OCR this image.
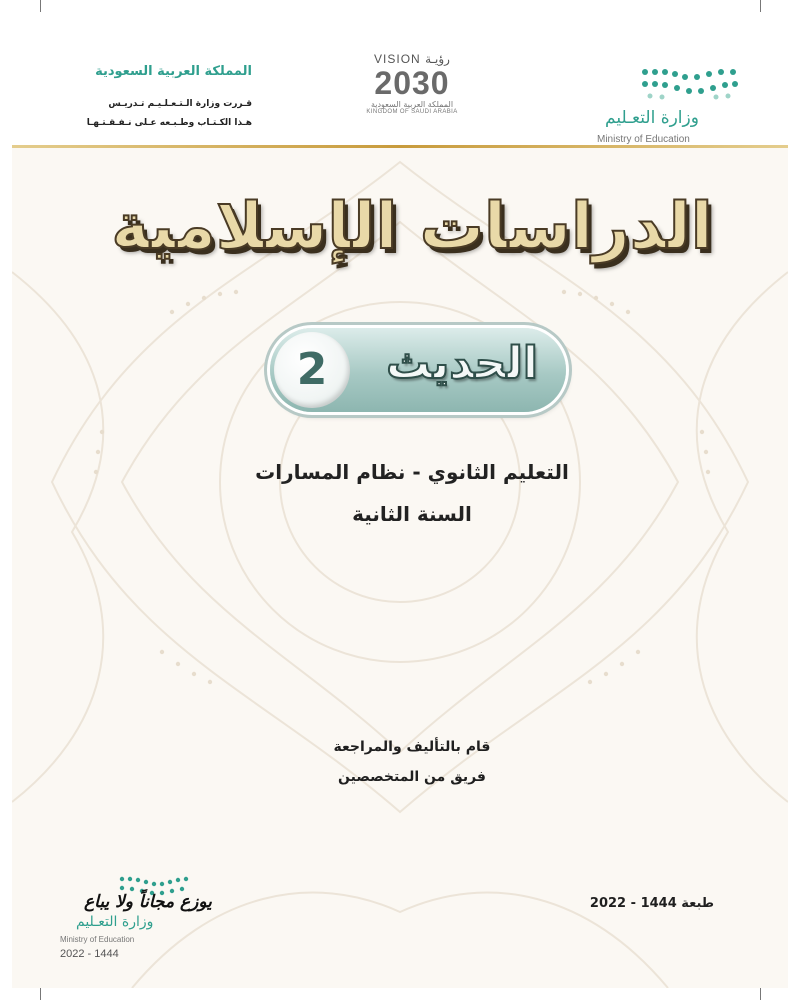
المملكة العربية السعودية
قـررت وزارة الـتـعـلـيـم تـدريـس
هـذا الكـتـاب وطـبـعه عـلى نـفـقـتـهـا
VISION رؤيـة
2030
المملكة العربية السعودية
KINGDOM OF SAUDI ARABIA	وزارة التعـليم
Ministry of Education
الدراسات الإسلامية
2	الحديث
التعليم الثانوي - نظام المسارات
السنة الثانية
قام بالتأليف والمراجعة
فريق من المتخصصين
طبعة 1444 - 2022
يوزع مجاناً ولا يباع
وزارة التعـليم
Ministry of Education
2022 - 1444
